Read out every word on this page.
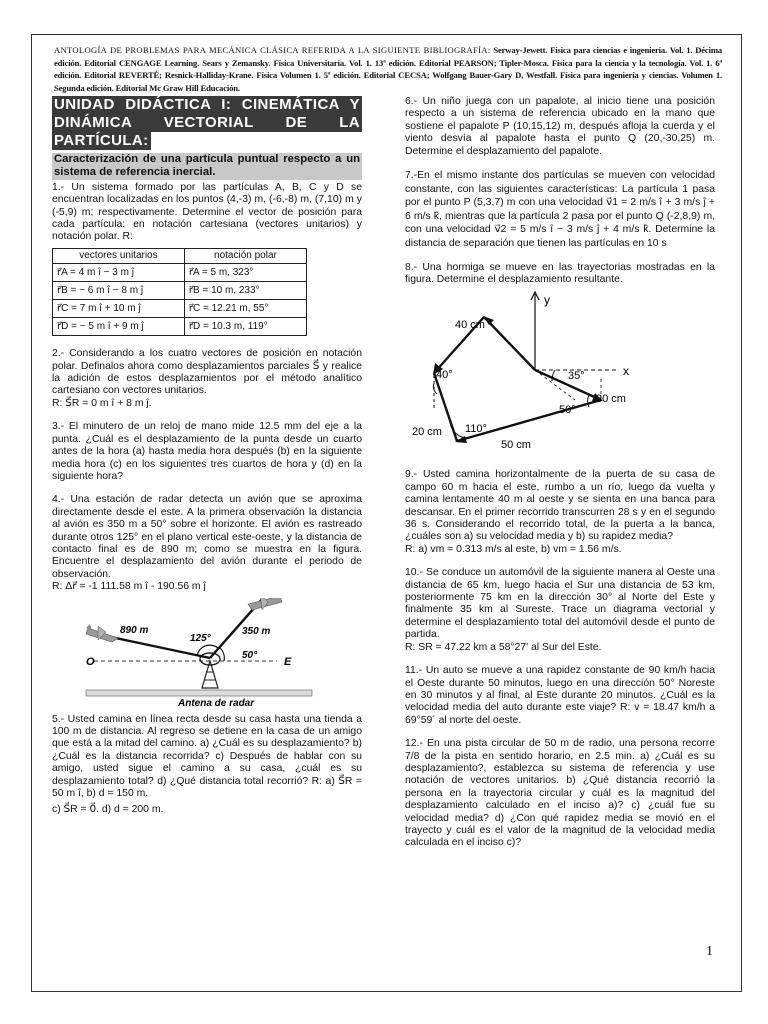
ANTOLOGÍA DE PROBLEMAS PARA MECÁNICA CLÁSICA REFERIDA A LA SIGUIENTE BIBLIOGRAFÍA: Serway-Jewett. Física para ciencias e ingeniería. Vol. 1. Décima edición. Editorial CENGAGE Learning. Sears y Zemansky. Física Universitaria. Vol. 1. 13ª edición. Editorial PEARSON; Tipler-Mosca. Física para la ciencia y la tecnología. Vol. 1. 6ª edición. Editorial REVERTÉ; Resnick-Halliday-Krane. Física Volumen 1. 5ª edición. Editorial CECSA; Wolfgang Bauer-Gary D, Westfall. Física para ingeniería y ciencias. Volumen 1. Segunda edición. Editorial Mc Graw Hill Educación.
UNIDAD DIDÁCTICA I: CINEMÁTICA Y
DINÁMICA VECTORIAL DE LA
PARTÍCULA:
Caracterización de una partícula puntual respecto a un sistema de referencia inercial.

1.- Un sistema formado por las partículas A, B, C y D se encuentran localizadas en los puntos (4,-3) m, (-6,-8) m, (7,10) m y (-5,9) m; respectivamente. Determine el vector de posición para cada partícula: en notación cartesiana (vectores unitarios) y notación polar. R:

vectores unitarios	notación polar
r⃗A = 4 m î − 3 m ĵ	r⃗A = 5 m, 323°
r⃗B = − 6 m î − 8 m ĵ	r⃗B = 10 m, 233°
r⃗C = 7 m î + 10 m ĵ	r⃗C = 12.21 m, 55°
r⃗D = − 5 m î + 9 m ĵ	r⃗D = 10.3 m, 119°

2.- Considerando a los cuatro vectores de posición en notación polar. Definalos ahora como desplazamientos parciales S⃗ y realice la adición de estos desplazamientos por el método analítico cartesiano con vectores unitarios.
R: S⃗R = 0 m î + 8 m ĵ.

3.- El minutero de un reloj de mano mide 12.5 mm del eje a la punta. ¿Cuál es el desplazamiento de la punta desde un cuarto antes de la hora (a) hasta media hora después (b) en la siguiente media hora (c) en los siguientes tres cuartos de hora y (d) en la siguiente hora?

4.- Una estación de radar detecta un avión que se aproxima directamente desde el este. A la primera observación la distancia al avión es 350 m a 50° sobre el horizonte. El avión es rastreado durante otros 125° en el plano vertical este-oeste, y la distancia de contacto final es de 890 m; como se muestra en la figura. Encuentre el desplazamiento del avión durante el periodo de observación.
R: Δr⃗ = -1 111.58 m î - 190.56 m ĵ

890 m
125°
350 m
50°
O	E
Antena de radar

5.- Usted camina en línea recta desde su casa hasta una tienda a 100 m de distancia. Al regreso se detiene en la casa de un amigo que está a la mitad del camino. a) ¿Cuál es su desplazamiento? b) ¿Cuál es la distancia recorrida? c) Después de hablar con su amigo, usted sigue el camino a su casa, ¿cuál es su desplazamiento total? d) ¿Qué distancia total recorrió? R: a) S⃗R = 50 m î, b) d = 150 m.
c) S⃗R = 0⃗. d) d = 200 m.

6.- Un niño juega con un papalote, al inicio tiene una posición respecto a un sistema de referencia ubicado en la mano que sostiene el papalote P (10,15,12) m, después afloja la cuerda y el viento desvía al papalote hasta el punto Q (20,-30,25) m. Determine el desplazamiento del papalote.

7.-En el mismo instante dos partículas se mueven con velocidad constante, con las siguientes características: La partícula 1 pasa por el punto P (5,3,7) m con una velocidad v⃗1 = 2 m/s î + 3 m/s ĵ + 6 m/s k̂, mientras que la partícula 2 pasa por el punto Q (-2,8,9) m, con una velocidad v⃗2 = 5 m/s î − 3 m/s ĵ + 4 m/s k̂. Determine la distancia de separación que tienen las partículas en 10 s

8.- Una hormiga se mueve en las trayectorias mostradas en la figura. Determine el desplazamiento resultante.

y
x
40 cm
40°	35°
50°
30 cm
110°
20 cm
50 cm

9.- Usted camina horizontalmente de la puerta de su casa de campo 60 m hacia el este, rumbo a un río, luego da vuelta y camina lentamente 40 m al oeste y se sienta en una banca para descansar. En el primer recorrido transcurren 28 s y en el segundo 36 s. Considerando el recorrido total, de la puerta a la banca, ¿cuáles son a) su velocidad media y b) su rapidez media?
R: a) vm = 0.313 m/s al este, b) vm = 1.56 m/s.

10.- Se conduce un automóvil de la siguiente manera al Oeste una distancia de 65 km, luego hacia el Sur una distancia de 53 km, posteriormente 75 km en la dirección 30° al Norte del Este y finalmente 35 km al Sureste. Trace un diagrama vectorial y determine el desplazamiento total del automóvil desde el punto de partida.
R: SR = 47.22 km a 58°27' al Sur del Este.

11.- Un auto se mueve a una rapidez constante de 90 km/h hacia el Oeste durante 50 minutos, luego en una dirección 50° Noreste en 30 minutos y al final, al Este durante 20 minutos. ¿Cuál es la velocidad media del auto durante este viaje? R: v = 18.47 km/h a 69°59´ al norte del oeste.

12.- En una pista circular de 50 m de radio, una persona recorre 7/8 de la pista en sentido horario, en 2.5 min. a) ¿Cuál es su desplazamiento?, establezca su sistema de referencia y use notación de vectores unitarios. b) ¿Qué distancia recorrió la persona en la trayectoria circular y cuál es la magnitud del desplazamiento calculado en el inciso a)? c) ¿cuál fue su velocidad media? d) ¿Con qué rapidez media se movió en el trayecto y cuál es el valor de la magnitud de la velocidad media calculada en el inciso c)?

1
